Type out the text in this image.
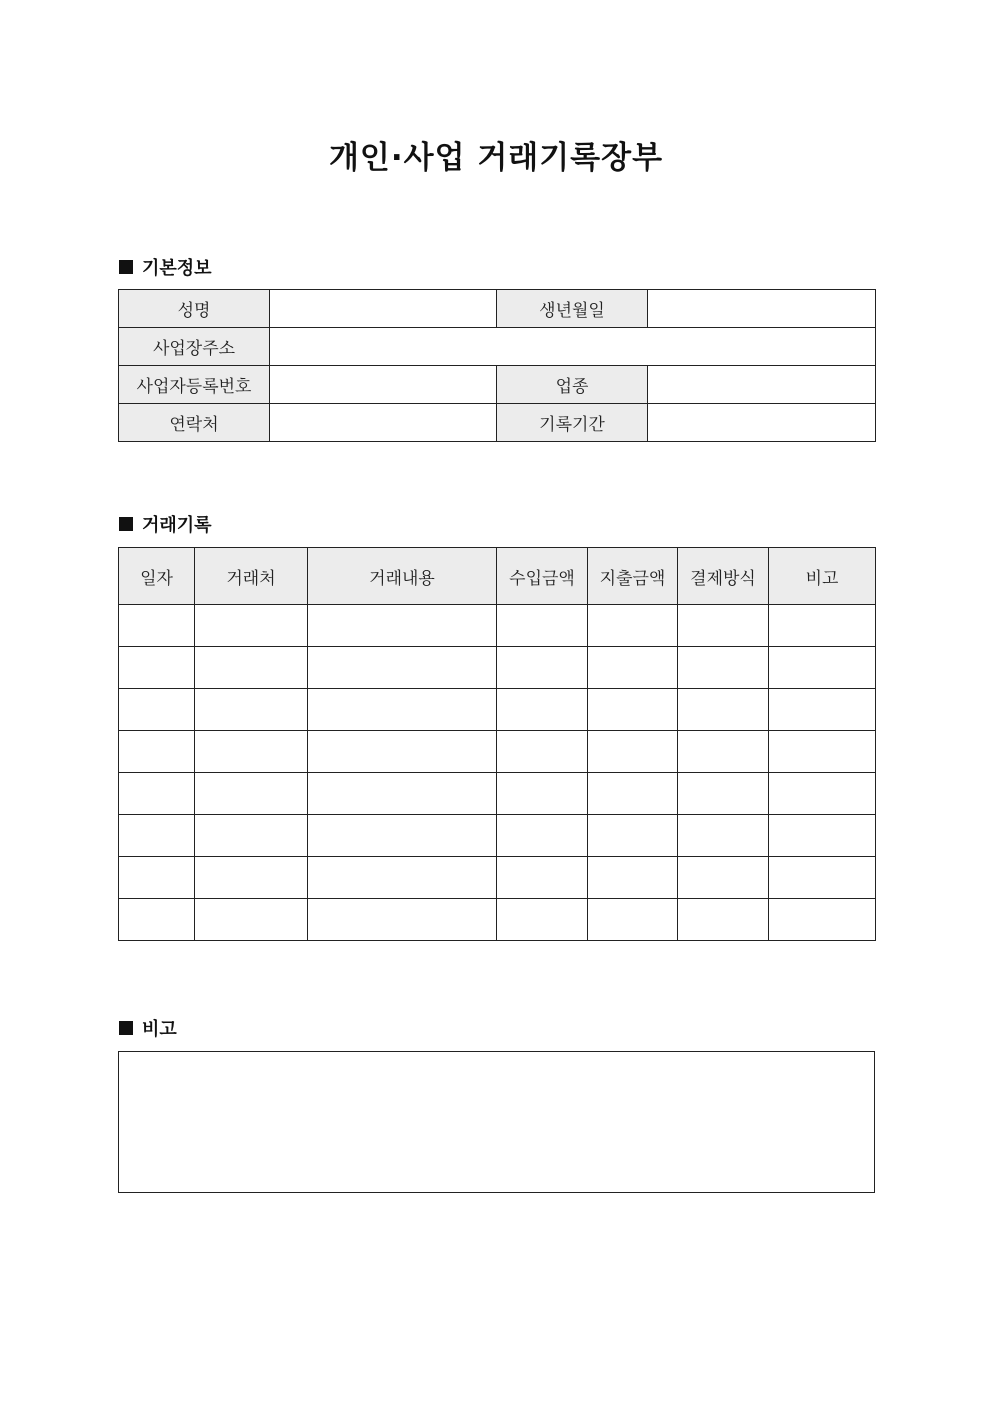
개인·사업 거래기록장부
기본정보
성명		생년월일	
사업장주소			
사업자등록번호		업종	
연락처		기록기간	
거래기록
일자	거래처	거래내용	수입금액	지출금액	결제방식	비고

비고
